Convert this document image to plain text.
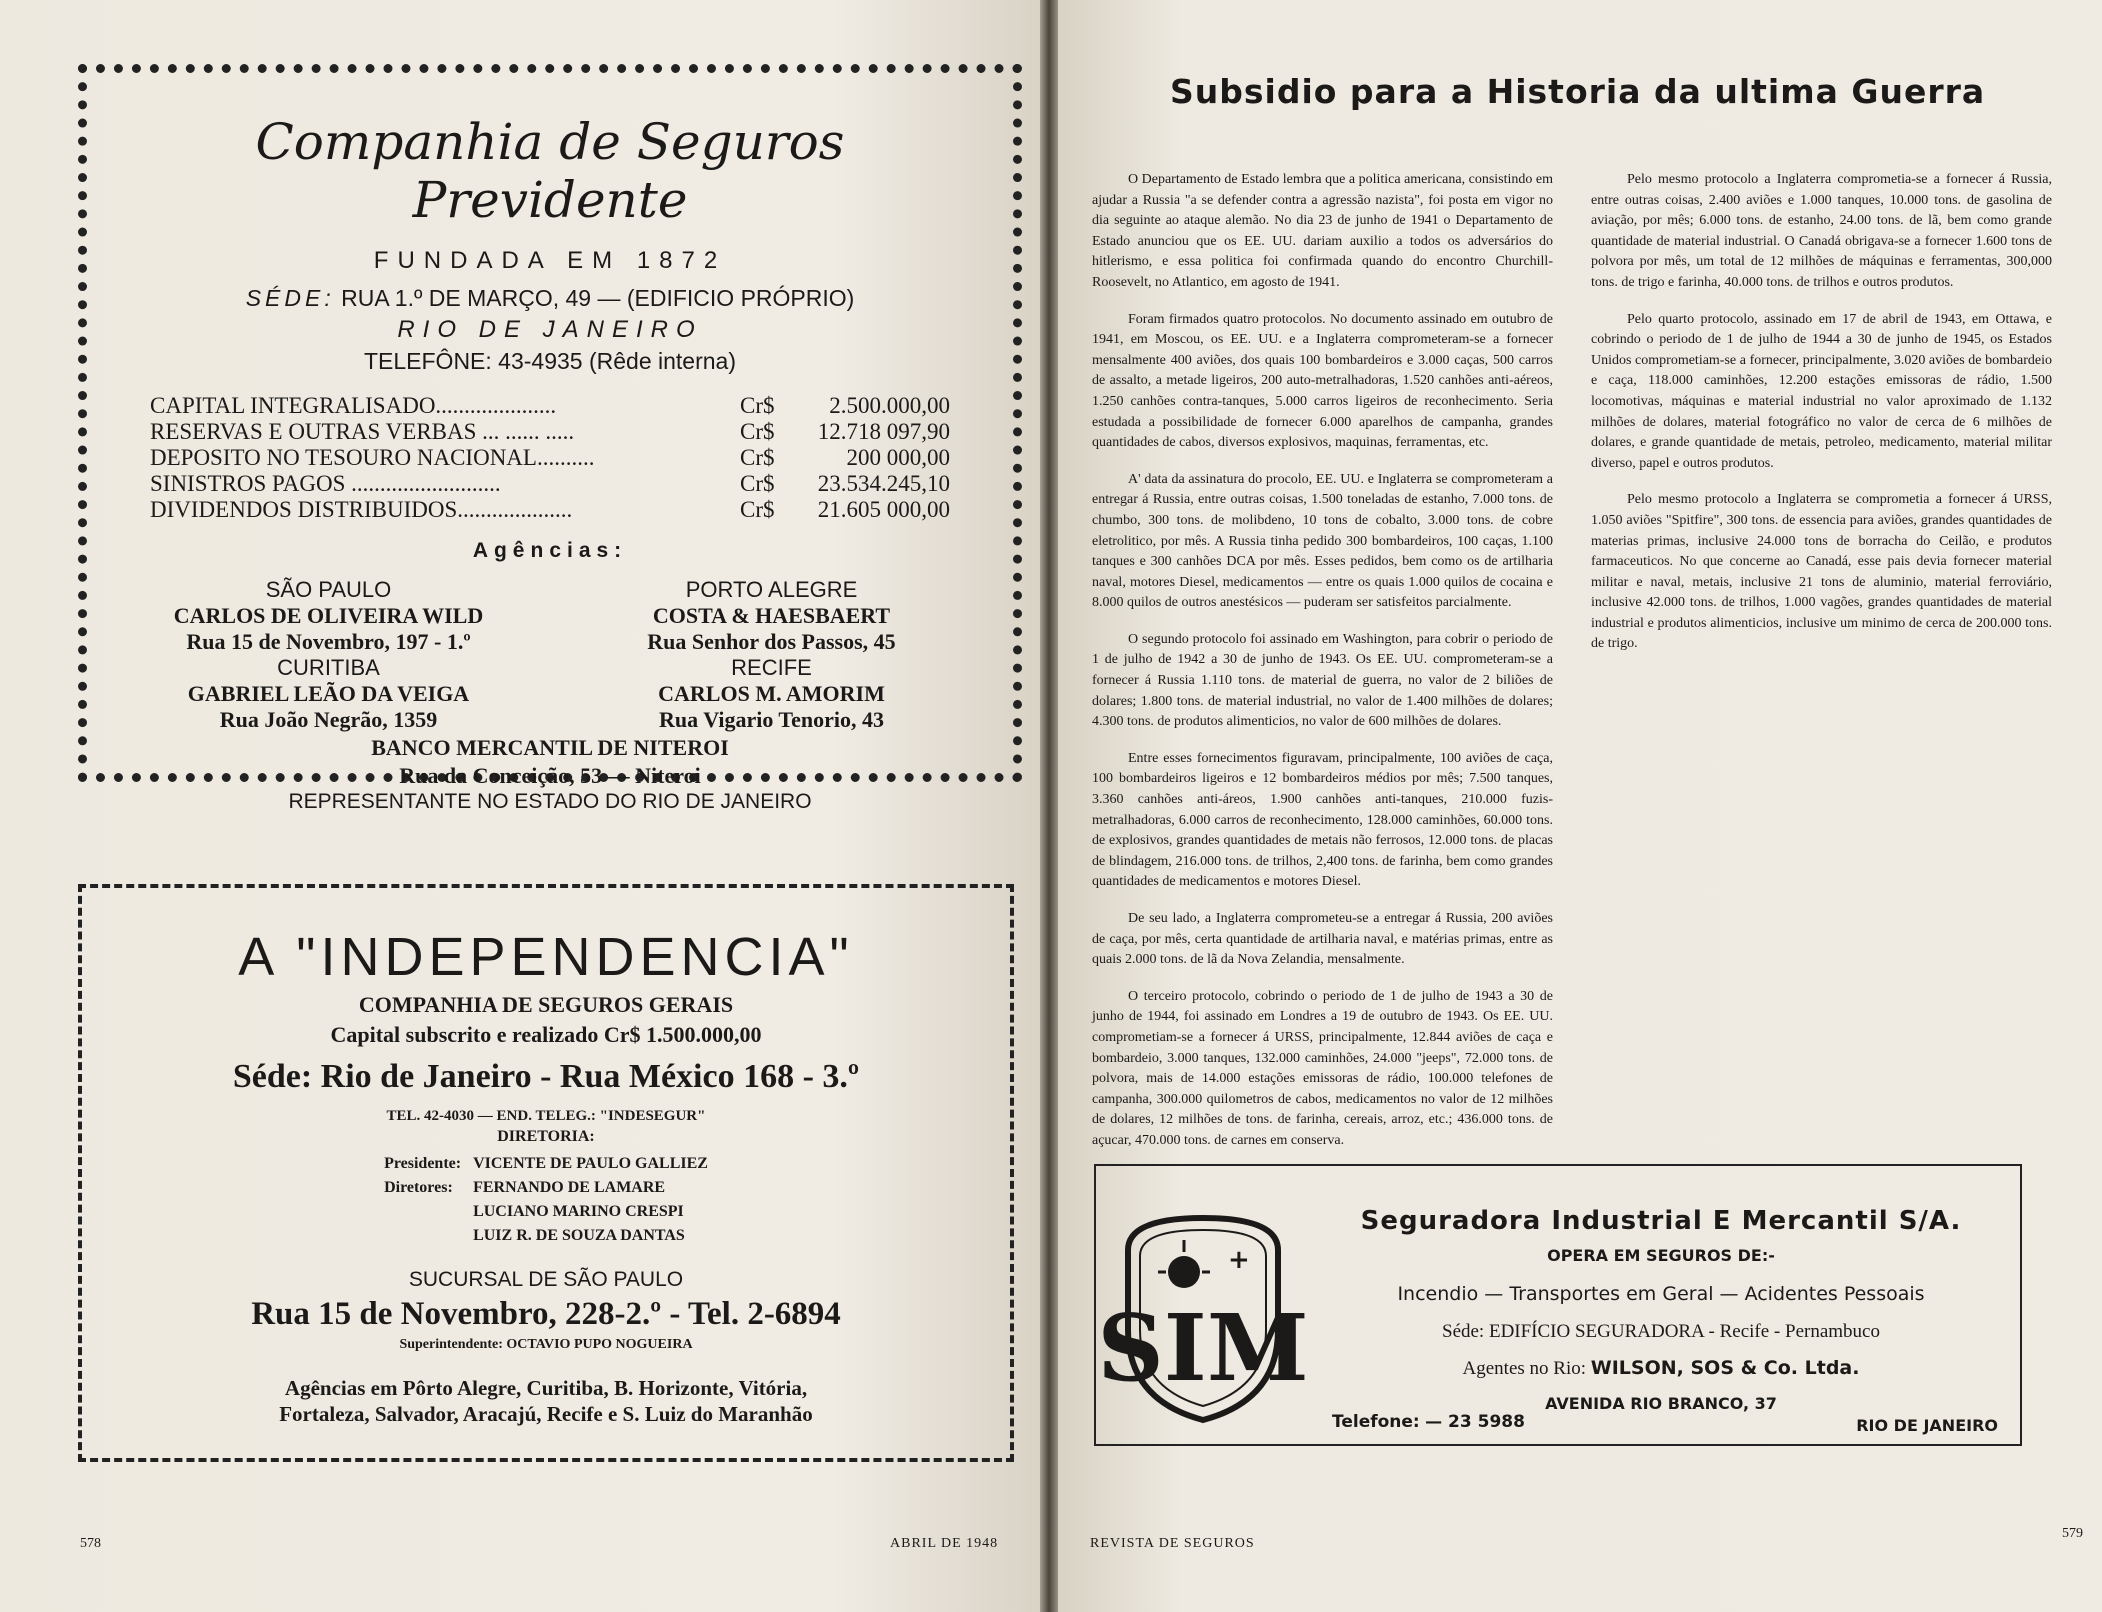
Companhia de Seguros Previdente
FUNDADA EM 1872
SÉDE: RUA 1.º DE MARÇO, 49 — (EDIFICIO PRÓPRIO)
RIO DE JANEIRO
TELEFÔNE: 43-4935 (Rêde interna)
CAPITAL INTEGRALISADO.....................	Cr$	2.500.000,00
RESERVAS E OUTRAS VERBAS ... ...... .....	Cr$	12.718 097,90
DEPOSITO NO TESOURO NACIONAL..........	Cr$	200 000,00
SINISTROS PAGOS ..........................	Cr$	23.534.245,10
DIVIDENDOS DISTRIBUIDOS....................	Cr$	21.605 000,00
Agências:
SÃO PAULO
CARLOS DE OLIVEIRA WILD
Rua 15 de Novembro, 197 - 1.º
CURITIBA
GABRIEL LEÃO DA VEIGA
Rua João Negrão, 1359
PORTO ALEGRE
COSTA & HAESBAERT
Rua Senhor dos Passos, 45
RECIFE
CARLOS M. AMORIM
Rua Vigario Tenorio, 43
BANCO MERCANTIL DE NITEROI
Rua da Conceição, 53 — Niteroi
REPRESENTANTE NO ESTADO DO RIO DE JANEIRO
A "INDEPENDENCIA"
COMPANHIA DE SEGUROS GERAIS
Capital subscrito e realizado Cr$ 1.500.000,00
Séde: Rio de Janeiro - Rua México 168 - 3.º
TEL. 42-4030 — END. TELEG.: "INDESEGUR"
DIRETORIA:
Presidente:	VICENTE DE PAULO GALLIEZ
Diretores:	FERNANDO DE LAMARE
	LUCIANO MARINO CRESPI
	LUIZ R. DE SOUZA DANTAS
SUCURSAL DE SÃO PAULO
Rua 15 de Novembro, 228-2.º - Tel. 2-6894
Superintendente: OCTAVIO PUPO NOGUEIRA
Agências em Pôrto Alegre, Curitiba, B. Horizonte, Vitória,
Fortaleza, Salvador, Aracajú, Recife e S. Luiz do Maranhão
578	ABRIL DE 1948
Subsidio para a Historia da ultima Guerra

O Departamento de Estado lembra que a politica americana, consistindo em ajudar a Russia "a se defender contra a agressão nazista", foi posta em vigor no dia seguinte ao ataque alemão. No dia 23 de junho de 1941 o Departamento de Estado anunciou que os EE. UU. dariam auxilio a todos os adversários do hitlerismo, e essa politica foi confirmada quando do encontro Churchill-Roosevelt, no Atlantico, em agosto de 1941.

Foram firmados quatro protocolos. No documento assinado em outubro de 1941, em Moscou, os EE. UU. e a Inglaterra comprometeram-se a fornecer mensalmente 400 aviões, dos quais 100 bombardeiros e 3.000 caças, 500 carros de assalto, a metade ligeiros, 200 auto-metralhadoras, 1.520 canhões anti-aéreos, 1.250 canhões contra-tanques, 5.000 carros ligeiros de reconhecimento. Seria estudada a possibilidade de fornecer 6.000 aparelhos de campanha, grandes quantidades de cabos, diversos explosivos, maquinas, ferramentas, etc.

A' data da assinatura do procolo, EE. UU. e Inglaterra se comprometeram a entregar á Russia, entre outras coisas, 1.500 toneladas de estanho, 7.000 tons. de chumbo, 300 tons. de molibdeno, 10 tons de cobalto, 3.000 tons. de cobre eletrolitico, por mês. A Russia tinha pedido 300 bombardeiros, 100 caças, 1.100 tanques e 300 canhões DCA por mês. Esses pedidos, bem como os de artilharia naval, motores Diesel, medicamentos — entre os quais 1.000 quilos de cocaina e 8.000 quilos de outros anestésicos — puderam ser satisfeitos parcialmente.

O segundo protocolo foi assinado em Washington, para cobrir o periodo de 1 de julho de 1942 a 30 de junho de 1943. Os EE. UU. comprometeram-se a fornecer á Russia 1.110 tons. de material de guerra, no valor de 2 biliões de dolares; 1.800 tons. de material industrial, no valor de 1.400 milhões de dolares; 4.300 tons. de produtos alimenticios, no valor de 600 milhões de dolares.

Entre esses fornecimentos figuravam, principalmente, 100 aviões de caça, 100 bombardeiros ligeiros e 12 bombardeiros médios por mês; 7.500 tanques, 3.360 canhões anti-áreos, 1.900 canhões anti-tanques, 210.000 fuzis-metralhadoras, 6.000 carros de reconhecimento, 128.000 caminhões, 60.000 tons. de explosivos, grandes quantidades de metais não ferrosos, 12.000 tons. de placas de blindagem, 216.000 tons. de trilhos, 2,400 tons. de farinha, bem como grandes quantidades de medicamentos e motores Diesel.

De seu lado, a Inglaterra comprometeu-se a entregar á Russia, 200 aviões de caça, por mês, certa quantidade de artilharia naval, e matérias primas, entre as quais 2.000 tons. de lã da Nova Zelandia, mensalmente.

O terceiro protocolo, cobrindo o periodo de 1 de julho de 1943 a 30 de junho de 1944, foi assinado em Londres a 19 de outubro de 1943. Os EE. UU. comprometiam-se a fornecer á URSS, principalmente, 12.844 aviões de caça e bombardeio, 3.000 tanques, 132.000 caminhões, 24.000 "jeeps", 72.000 tons. de polvora, mais de 14.000 estações emissoras de rádio, 100.000 telefones de campanha, 300.000 quilometros de cabos, medicamentos no valor de 12 milhões de dolares, 12 milhões de tons. de farinha, cereais, arroz, etc.; 436.000 tons. de açucar, 470.000 tons. de carnes em conserva.

Pelo mesmo protocolo a Inglaterra comprometia-se a fornecer á Russia, entre outras coisas, 2.400 aviões e 1.000 tanques, 10.000 tons. de gasolina de aviação, por mês; 6.000 tons. de estanho, 24.00 tons. de lã, bem como grande quantidade de material industrial. O Canadá obrigava-se a fornecer 1.600 tons de polvora por mês, um total de 12 milhões de máquinas e ferramentas, 300,000 tons. de trigo e farinha, 40.000 tons. de trilhos e outros produtos.

Pelo quarto protocolo, assinado em 17 de abril de 1943, em Ottawa, e cobrindo o periodo de 1 de julho de 1944 a 30 de junho de 1945, os Estados Unidos comprometiam-se a fornecer, principalmente, 3.020 aviões de bombardeio e caça, 118.000 caminhões, 12.200 estações emissoras de rádio, 1.500 locomotivas, máquinas e material industrial no valor aproximado de 1.132 milhões de dolares, material fotográfico no valor de cerca de 6 milhões de dolares, e grande quantidade de metais, petroleo, medicamento, material militar diverso, papel e outros produtos.

Pelo mesmo protocolo a Inglaterra se comprometia a fornecer á URSS, 1.050 aviões "Spitfire", 300 tons. de essencia para aviões, grandes quantidades de materias primas, inclusive 24.000 tons de borracha do Ceilão, e produtos farmaceuticos. No que concerne ao Canadá, esse pais devia fornecer material militar e naval, metais, inclusive 21 tons de aluminio, material ferroviário, inclusive 42.000 tons. de trilhos, 1.000 vagões, grandes quantidades de material industrial e produtos alimenticios, inclusive um minimo de cerca de 200.000 tons. de trigo.

+
SIM
Seguradora Industrial E Mercantil S/A.
OPERA EM SEGUROS DE:-
Incendio — Transportes em Geral — Acidentes Pessoais
Séde: EDIFÍCIO SEGURADORA - Recife - Pernambuco
Agentes no Rio: WILSON, SOS & Co. Ltda.
AVENIDA RIO BRANCO, 37
Telefone: — 23 5988	RIO DE JANEIRO
REVISTA DE SEGUROS
579
